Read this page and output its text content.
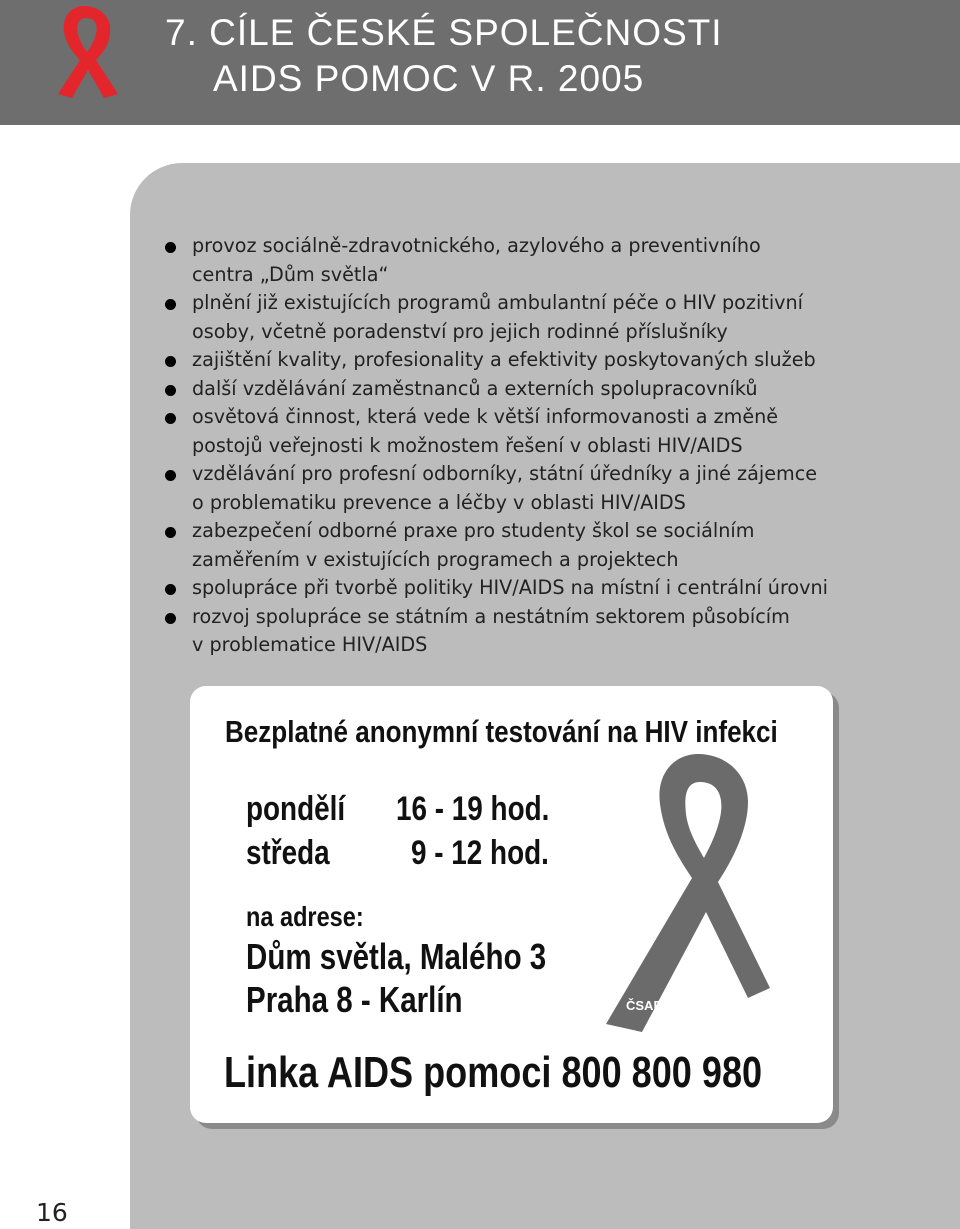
7. CÍLE ČESKÉ SPOLEČNOSTI
AIDS POMOC V R. 2005
provoz sociálně-zdravotnického, azylového a preventivního
centra „Dům světla“
plnění již existujících programů ambulantní péče o HIV pozitivní
osoby, včetně poradenství pro jejich rodinné příslušníky
zajištění kvality, profesionality a efektivity poskytovaných služeb
další vzdělávání zaměstnanců a externích spolupracovníků
osvětová činnost, která vede k větší informovanosti a změně
postojů veřejnosti k možnostem řešení v oblasti HIV/AIDS
vzdělávání pro profesní odborníky, státní úředníky a jiné zájemce
o problematiku prevence a léčby v oblasti HIV/AIDS
zabezpečení odborné praxe pro studenty škol se sociálním
zaměřením v existujících programech a projektech
spolupráce při tvorbě politiky HIV/AIDS na místní i centrální úrovni
rozvoj spolupráce se státním a nestátním sektorem působícím
v problematice HIV/AIDS
Bezplatné anonymní testování na HIV infekci
pondělí 16 - 19 hod.
středa 9 - 12 hod.
na adrese:
Dům světla, Malého 3
Praha 8 - Karlín	ČSAP
Linka AIDS pomoci 800 800 980
16
